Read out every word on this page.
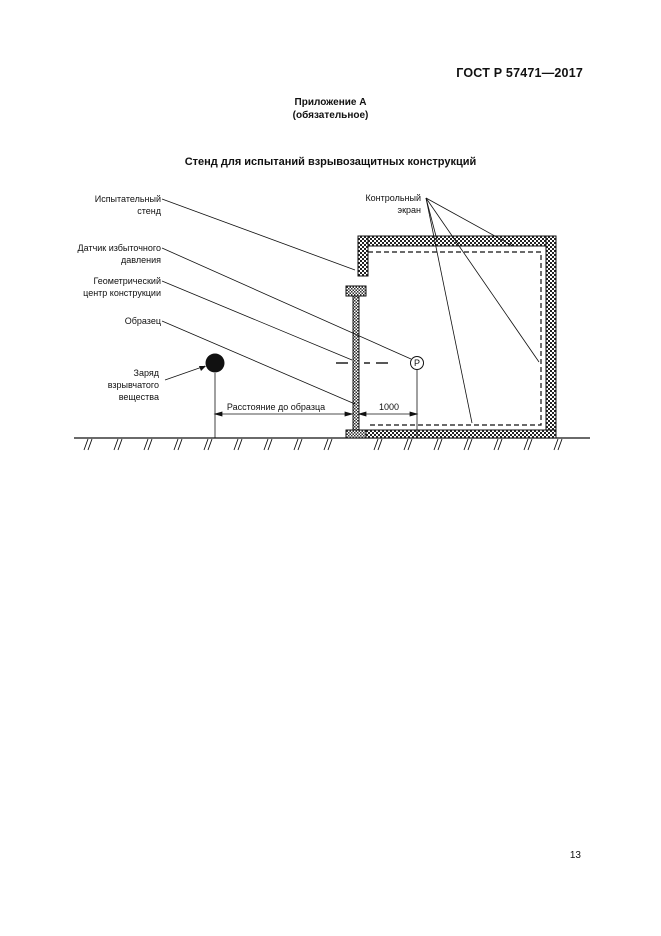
ГОСТ Р 57471—2017
Приложение А
(обязательное)
Стенд для испытаний взрывозащитных конструкций
P
Расстояние до образца	1000
Испытательный
стенд
Датчик избыточного
давления
Геометрический
центр конструкции
Образец
Заряд
взрывчатого
вещества
Контрольный
экран
13
